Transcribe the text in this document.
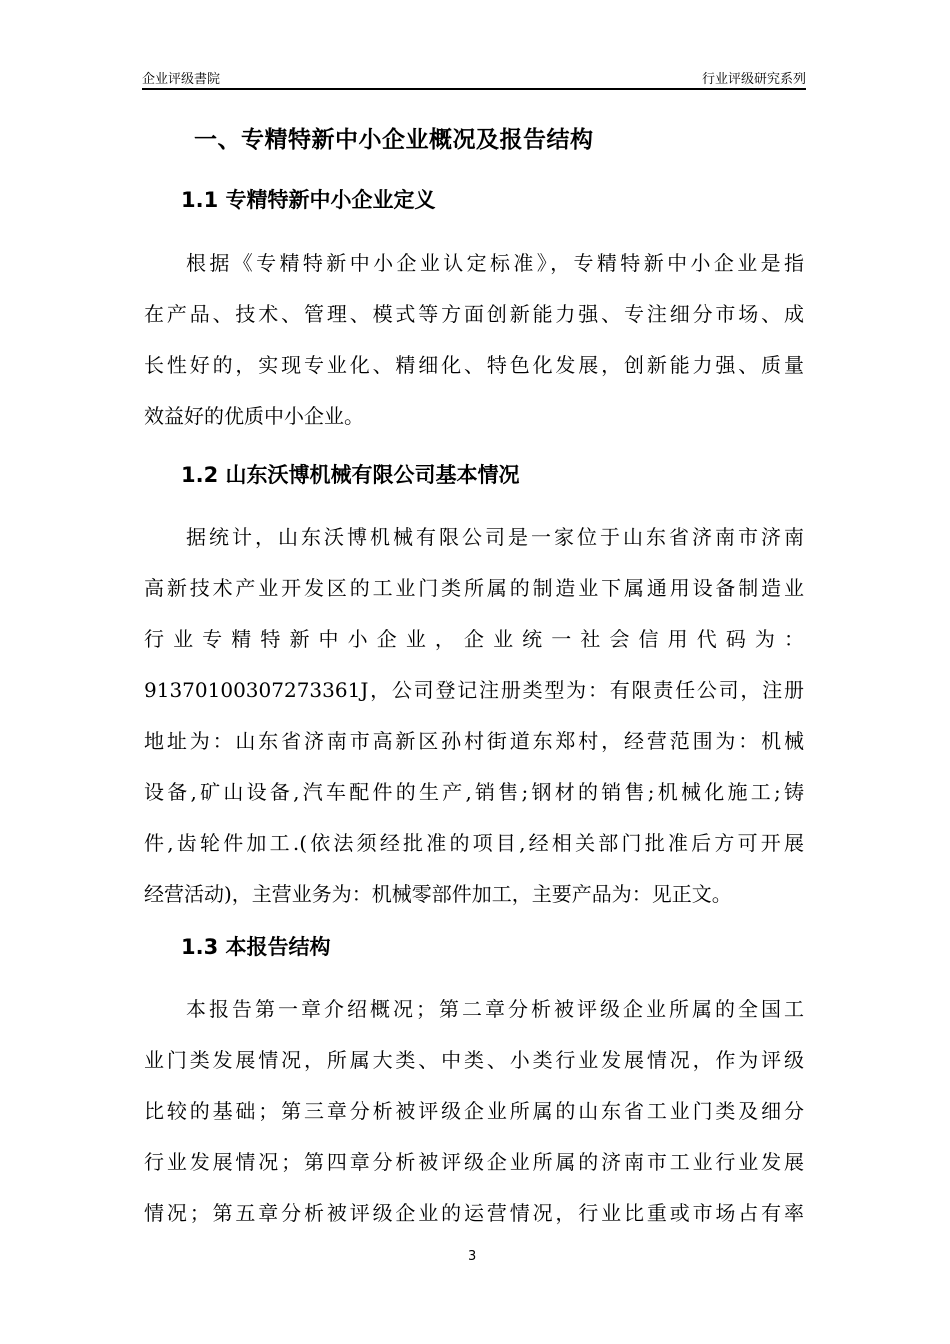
企业评级書院	行业评级研究系列
一、专精特新中小企业概况及报告结构
1.1 专精特新中小企业定义
根据《专精特新中小企业认定标准》，专精特新中小企业是指
在产品、技术、管理、模式等方面创新能力强、专注细分市场、成
长性好的，实现专业化、精细化、特色化发展，创新能力强、质量
效益好的优质中小企业。
1.2 山东沃博机械有限公司基本情况
据统计，山东沃博机械有限公司是一家位于山东省济南市济南
高新技术产业开发区的工业门类所属的制造业下属通用设备制造业
行业专精特新中小企业，企业统一社会信用代码为：
91370100307273361J，公司登记注册类型为：有限责任公司，注册
地址为：山东省济南市高新区孙村街道东郑村，经营范围为：机械
设备,矿山设备,汽车配件的生产,销售;钢材的销售;机械化施工;铸
件,齿轮件加工.(依法须经批准的项目,经相关部门批准后方可开展
经营活动)，主营业务为：机械零部件加工，主要产品为：见正文。
1.3 本报告结构
本报告第一章介绍概况；第二章分析被评级企业所属的全国工
业门类发展情况，所属大类、中类、小类行业发展情况，作为评级
比较的基础；第三章分析被评级企业所属的山东省工业门类及细分
行业发展情况；第四章分析被评级企业所属的济南市工业行业发展
情况；第五章分析被评级企业的运营情况，行业比重或市场占有率
3
